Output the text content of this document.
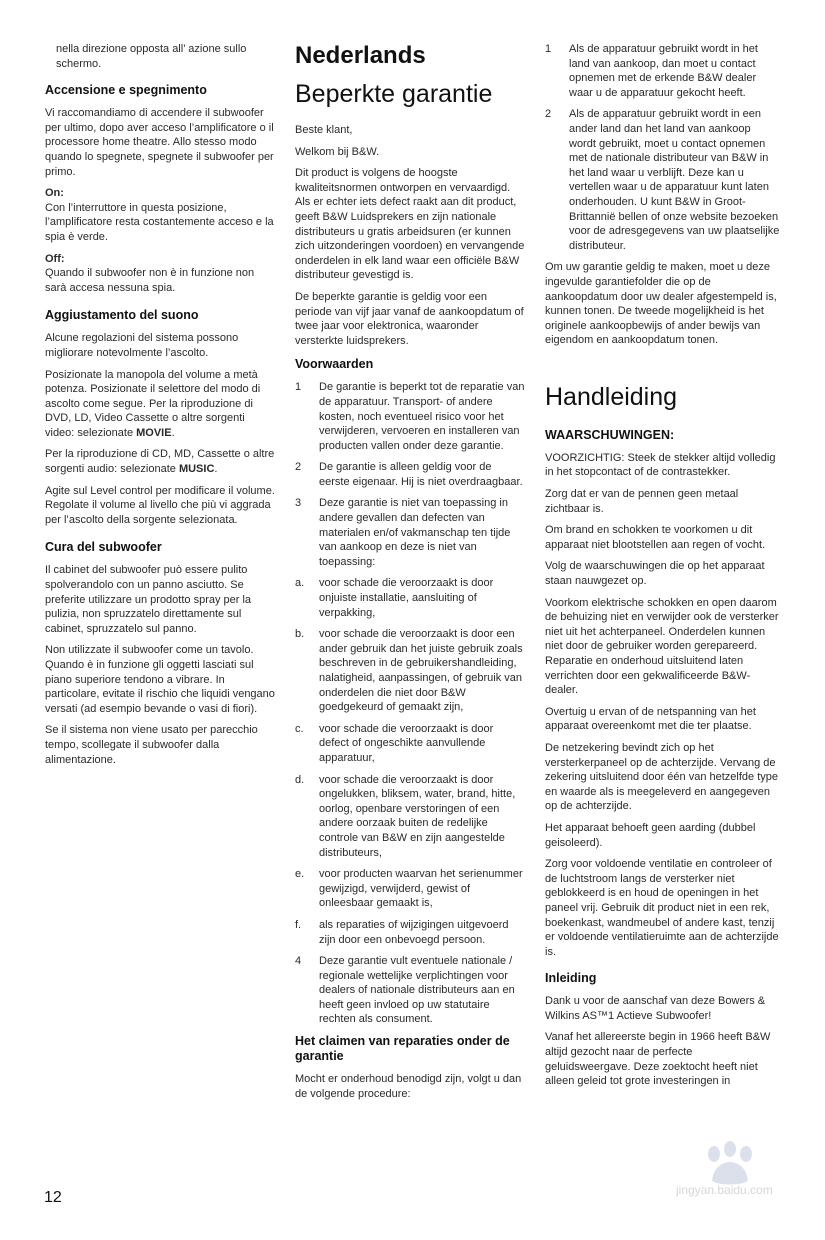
nella direzione opposta all’ azione sullo schermo.

Accensione e spegnimento

Vi raccomandiamo di accendere il subwoofer per ultimo, dopo aver acceso l’amplificatore o il processore home theatre. Allo stesso modo quando lo spegnete, spegnete il subwoofer per primo.

On:
Con l’interruttore in questa posizione, l’amplificatore resta costantemente acceso e la spia è verde.

Off:
Quando il subwoofer non è in funzione non sarà accesa nessuna spia.

Aggiustamento del suono

Alcune regolazioni del sistema possono migliorare notevolmente l’ascolto.

Posizionate la manopola del volume a metà potenza. Posizionate il selettore del modo di ascolto come segue. Per la riproduzione di DVD, LD, Video Cassette o altre sorgenti video: selezionate MOVIE.

Per la riproduzione di CD, MD, Cassette o altre sorgenti audio: selezionate MUSIC.

Agite sul Level control per modificare il volume. Regolate il volume al livello che più vi aggrada per l’ascolto della sorgente selezionata.

Cura del subwoofer

Il cabinet del subwoofer può essere pulito spolverandolo con un panno asciutto. Se preferite utilizzare un prodotto spray per la pulizia, non spruzzatelo direttamente sul cabinet, spruzzatelo sul panno.

Non utilizzate il subwoofer come un tavolo. Quando è in funzione gli oggetti lasciati sul piano superiore tendono a vibrare. In particolare, evitate il rischio che liquidi vengano versati (ad esempio bevande o vasi di fiori).

Se il sistema non viene usato per parecchio tempo, scollegate il subwoofer dalla alimentazione.

Nederlands
Beperkte garantie

Beste klant,

Welkom bij B&W.

Dit product is volgens de hoogste kwaliteitsnormen ontworpen en vervaardigd. Als er echter iets defect raakt aan dit product, geeft B&W Luidsprekers en zijn nationale distributeurs u gratis arbeidsuren (er kunnen zich uitzonderingen voordoen) en vervangende onderdelen in elk land waar een officiële B&W distributeur gevestigd is.

De beperkte garantie is geldig voor een periode van vijf jaar vanaf de aankoopdatum of twee jaar voor elektronica, waaronder versterkte luidsprekers.

Voorwaarden
1	De garantie is beperkt tot de reparatie van de apparatuur. Transport- of andere kosten, noch eventueel risico voor het verwijderen, vervoeren en installeren van producten vallen onder deze garantie.
2	De garantie is alleen geldig voor de eerste eigenaar. Hij is niet overdraagbaar.
3	Deze garantie is niet van toepassing in andere gevallen dan defecten van materialen en/of vakmanschap ten tijde van aankoop en deze is niet van toepassing:
a.	voor schade die veroorzaakt is door onjuiste installatie, aansluiting of verpakking,
b.	voor schade die veroorzaakt is door een ander gebruik dan het juiste gebruik zoals beschreven in de gebruikershandleiding, nalatigheid, aanpassingen, of gebruik van onderdelen die niet door B&W goedgekeurd of gemaakt zijn,
c.	voor schade die veroorzaakt is door defect of ongeschikte aanvullende apparatuur,
d.	voor schade die veroorzaakt is door ongelukken, bliksem, water, brand, hitte, oorlog, openbare verstoringen of een andere oorzaak buiten de redelijke controle van B&W en zijn aangestelde distributeurs,
e.	voor producten waarvan het serienummer gewijzigd, verwijderd, gewist of onleesbaar gemaakt is,
f.	als reparaties of wijzigingen uitgevoerd zijn door een onbevoegd persoon.
4	Deze garantie vult eventuele nationale / regionale wettelijke verplichtingen voor dealers of nationale distributeurs aan en heeft geen invloed op uw statutaire rechten als consument.
Het claimen van reparaties onder de garantie

Mocht er onderhoud benodigd zijn, volgt u dan de volgende procedure:

1	Als de apparatuur gebruikt wordt in het land van aankoop, dan moet u contact opnemen met de erkende B&W dealer waar u de apparatuur gekocht heeft.
2	Als de apparatuur gebruikt wordt in een ander land dan het land van aankoop wordt gebruikt, moet u contact opnemen met de nationale distributeur van B&W in het land waar u verblijft. Deze kan u vertellen waar u de apparatuur kunt laten onderhouden. U kunt B&W in Groot-Brittannië bellen of onze website bezoeken voor de adresgegevens van uw plaatselijke distributeur.

Om uw garantie geldig te maken, moet u deze ingevulde garantiefolder die op de aankoopdatum door uw dealer afgestempeld is, kunnen tonen. De tweede mogelijkheid is het originele aankoopbewijs of ander bewijs van eigendom en aankoopdatum tonen.

Handleiding
WAARSCHUWINGEN:

VOORZICHTIG: Steek de stekker altijd volledig in het stopcontact of de contrastekker.

Zorg dat er van de pennen geen metaal zichtbaar is.

Om brand en schokken te voorkomen u dit apparaat niet blootstellen aan regen of vocht.

Volg de waarschuwingen die op het apparaat staan nauwgezet op.

Voorkom elektrische schokken en open daarom de behuizing niet en verwijder ook de versterker niet uit het achterpaneel. Onderdelen kunnen niet door de gebruiker worden gerepareerd. Reparatie en onderhoud uitsluitend laten verrichten door een gekwalificeerde B&W-dealer.

Overtuig u ervan of de netspanning van het apparaat overeenkomt met die ter plaatse.

De netzekering bevindt zich op het versterkerpaneel op de achterzijde. Vervang de zekering uitsluitend door één van hetzelfde type en waarde als is meegeleverd en aangegeven op de achterzijde.

Het apparaat behoeft geen aarding (dubbel geisoleerd).

Zorg voor voldoende ventilatie en controleer of de luchtstroom langs de versterker niet geblokkeerd is en houd de openingen in het paneel vrij. Gebruik dit product niet in een rek, boekenkast, wandmeubel of andere kast, tenzij er voldoende ventilatieruimte aan de achterzijde is.

Inleiding

Dank u voor de aanschaf van deze Bowers & Wilkins AS™1 Actieve Subwoofer!

Vanaf het allereerste begin in 1966 heeft B&W altijd gezocht naar de perfecte geluidsweergave. Deze zoektocht heeft niet alleen geleid tot grote investeringen in

12	jingyan.baidu.com
